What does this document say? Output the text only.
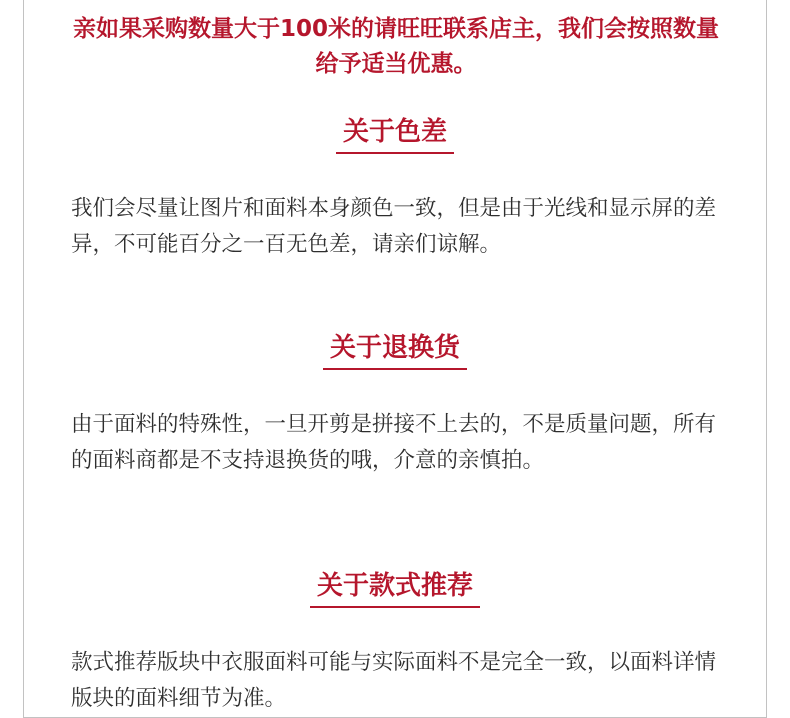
亲如果采购数量大于100米的请旺旺联系店主，我们会按照数量给予适当优惠。

关于色差

我们会尽量让图片和面料本身颜色一致，但是由于光线和显示屏的差异，不可能百分之一百无色差，请亲们谅解。

关于退换货

由于面料的特殊性，一旦开剪是拼接不上去的，不是质量问题，所有的面料商都是不支持退换货的哦，介意的亲慎拍。

关于款式推荐

款式推荐版块中衣服面料可能与实际面料不是完全一致，以面料详情版块的面料细节为准。
